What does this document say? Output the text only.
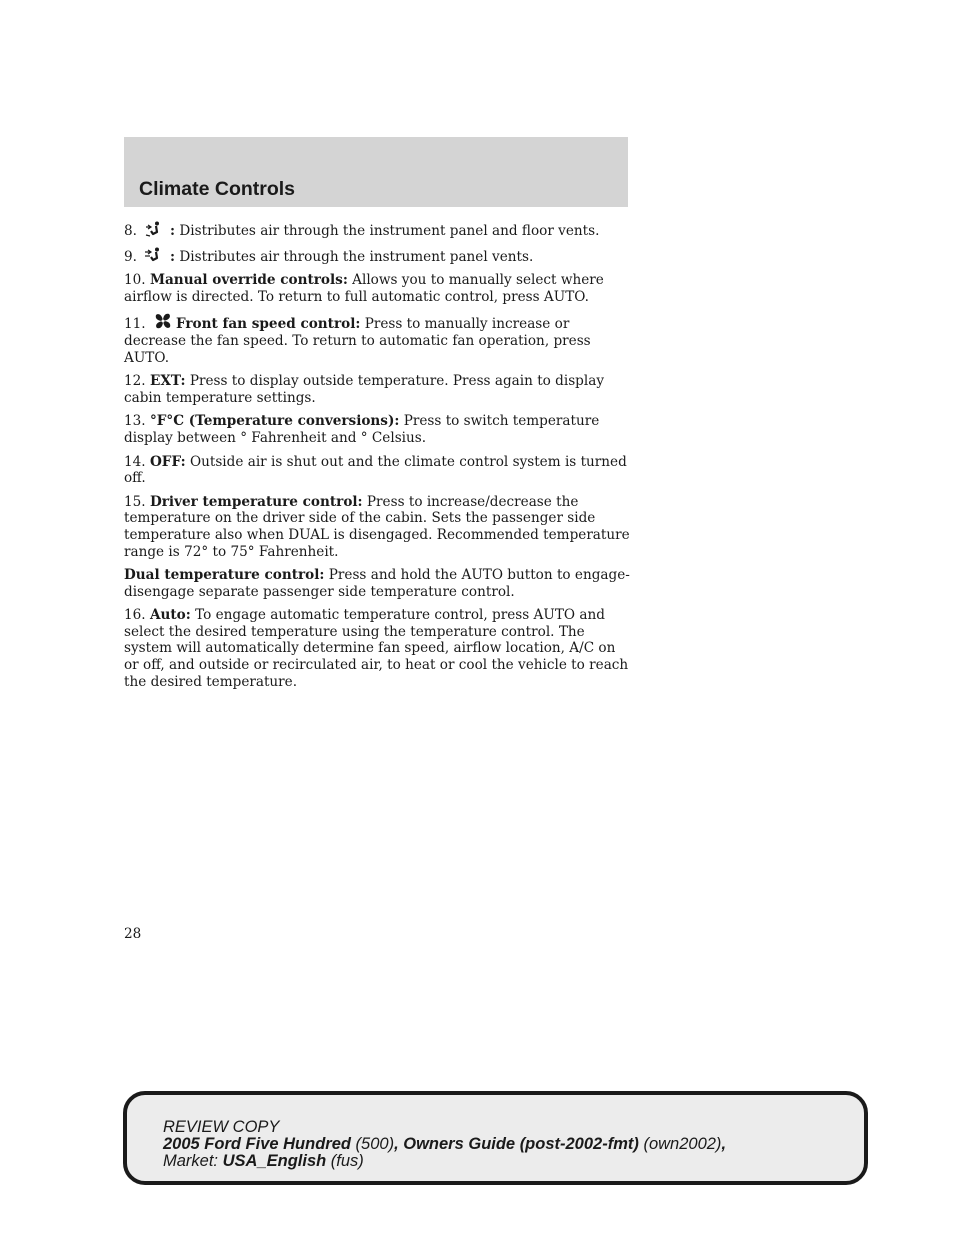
Climate Controls

8.  : Distributes air through the instrument panel and floor vents.

9.  : Distributes air through the instrument panel vents.

10. Manual override controls: Allows you to manually select where airflow is directed. To return to full automatic control, press AUTO.

11. Front fan speed control: Press to manually increase or decrease the fan speed. To return to automatic fan operation, press AUTO.

12. EXT: Press to display outside temperature. Press again to display cabin temperature settings.

13. °F°C (Temperature conversions): Press to switch temperature display between ° Fahrenheit and ° Celsius.

14. OFF: Outside air is shut out and the climate control system is turned off.

15. Driver temperature control: Press to increase/decrease the temperature on the driver side of the cabin. Sets the passenger side temperature also when DUAL is disengaged. Recommended temperature range is 72° to 75° Fahrenheit.

Dual temperature control: Press and hold the AUTO button to engage-disengage separate passenger side temperature control.

16. Auto: To engage automatic temperature control, press AUTO and select the desired temperature using the temperature control. The system will automatically determine fan speed, airflow location, A/C on or off, and outside or recirculated air, to heat or cool the vehicle to reach the desired temperature.

28
REVIEW COPY
2005 Ford Five Hundred (500), Owners Guide (post-2002-fmt) (own2002),
Market: USA_English (fus)
